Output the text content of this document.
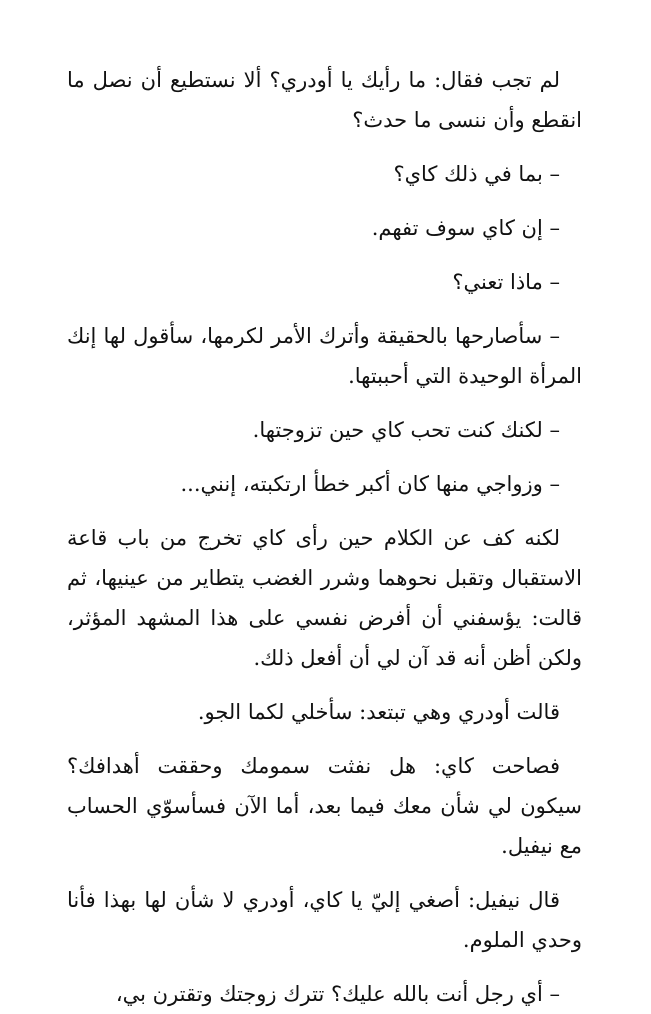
لم تجب فقال: ما رأيك يا أودري؟ ألا نستطيع أن نصل ما انقطع وأن ننسى ما حدث؟

– بما في ذلك كاي؟

– إن كاي سوف تفهم.

– ماذا تعني؟

– سأصارحها بالحقيقة وأترك الأمر لكرمها، سأقول لها إنك المرأة الوحيدة التي أحببتها.

– لكنك كنت تحب كاي حين تزوجتها.

– وزواجي منها كان أكبر خطأ ارتكبته، إنني...

لكنه كف عن الكلام حين رأى كاي تخرج من باب قاعة الاستقبال وتقبل نحوهما وشرر الغضب يتطاير من عينيها، ثم قالت: يؤسفني أن أفرض نفسي على هذا المشهد المؤثر، ولكن أظن أنه قد آن لي أن أفعل ذلك.

قالت أودري وهي تبتعد: سأخلي لكما الجو.

فصاحت كاي: هل نفثت سمومك وحققت أهدافك؟ سيكون لي شأن معك فيما بعد، أما الآن فسأسوّي الحساب مع نيفيل.

قال نيفيل: أصغي إليّ يا كاي، أودري لا شأن لها بهذا فأنا وحدي الملوم.

– أي رجل أنت بالله عليك؟ تترك زوجتك وتقترن بي،
